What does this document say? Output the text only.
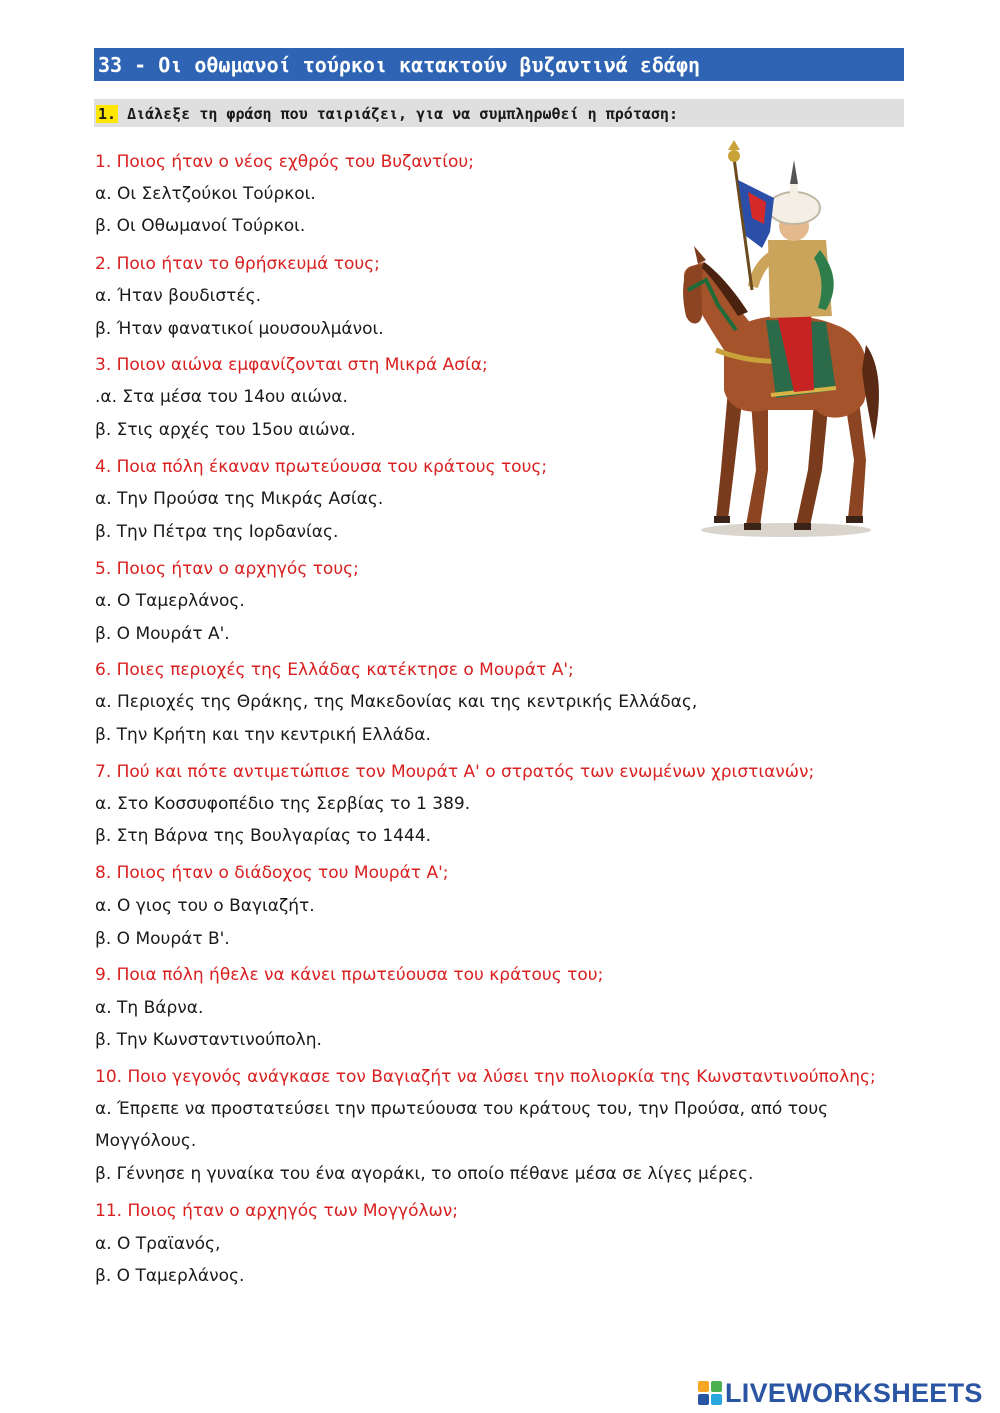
33 - Οι οθωμανοί τούρκοι κατακτούν βυζαντινά εδάφη
1. Διάλεξε τη φράση που ταιριάζει, για να συμπληρωθεί η πρόταση:
1. Ποιος ήταν ο νέος εχθρός του Βυζαντίου;
α. Οι Σελτζούκοι Τούρκοι.
β. Οι Οθωμανοί Τούρκοι.
2. Ποιο ήταν το θρήσκευμά τους;
α. Ήταν βουδιστές.
β. Ήταν φανατικοί μουσουλμάνοι.
3. Ποιον αιώνα εμφανίζονται στη Μικρά Ασία;
.α. Στα μέσα του 14ου αιώνα.
β. Στις αρχές του 15ου αιώνα.
4. Ποια πόλη έκαναν πρωτεύουσα του κράτους τους;
α. Την Προύσα της Μικράς Ασίας.
β. Την Πέτρα της Ιορδανίας.
5. Ποιος ήταν ο αρχηγός τους;
α. Ο Ταμερλάνος.
β. Ο Μουράτ Α'.
6. Ποιες περιοχές της Ελλάδας κατέκτησε ο Μουράτ Α';
α. Περιοχές της Θράκης, της Μακεδονίας και της κεντρικής Ελλάδας,
β. Την Κρήτη και την κεντρική Ελλάδα.
7. Πού και πότε αντιμετώπισε τον Μουράτ Α' ο στρατός των ενωμένων χριστιανών;
α. Στο Κοσσυφοπέδιο της Σερβίας το 1 389.
β. Στη Βάρνα της Βουλγαρίας το 1444.
8. Ποιος ήταν ο διάδοχος του Μουράτ Α';
α. Ο γιος του ο Βαγιαζήτ.
β. Ο Μουράτ Β'.
9. Ποια πόλη ήθελε να κάνει πρωτεύουσα του κράτους του;
α. Τη Βάρνα.
β. Την Κωνσταντινούπολη.
10. Ποιο γεγονός ανάγκασε τον Βαγιαζήτ να λύσει την πολιορκία της Κωνσταντινούπολης;
α. Έπρεπε να προστατεύσει την πρωτεύουσα του κράτους του, την Προύσα, από τους
Μογγόλους.
β. Γέννησε η γυναίκα του ένα αγοράκι, το οποίο πέθανε μέσα σε λίγες μέρες.
11. Ποιος ήταν ο αρχηγός των Μογγόλων;
α. Ο Τραϊανός,
β. Ο Ταμερλάνος.
LIVEWORKSHEETS
